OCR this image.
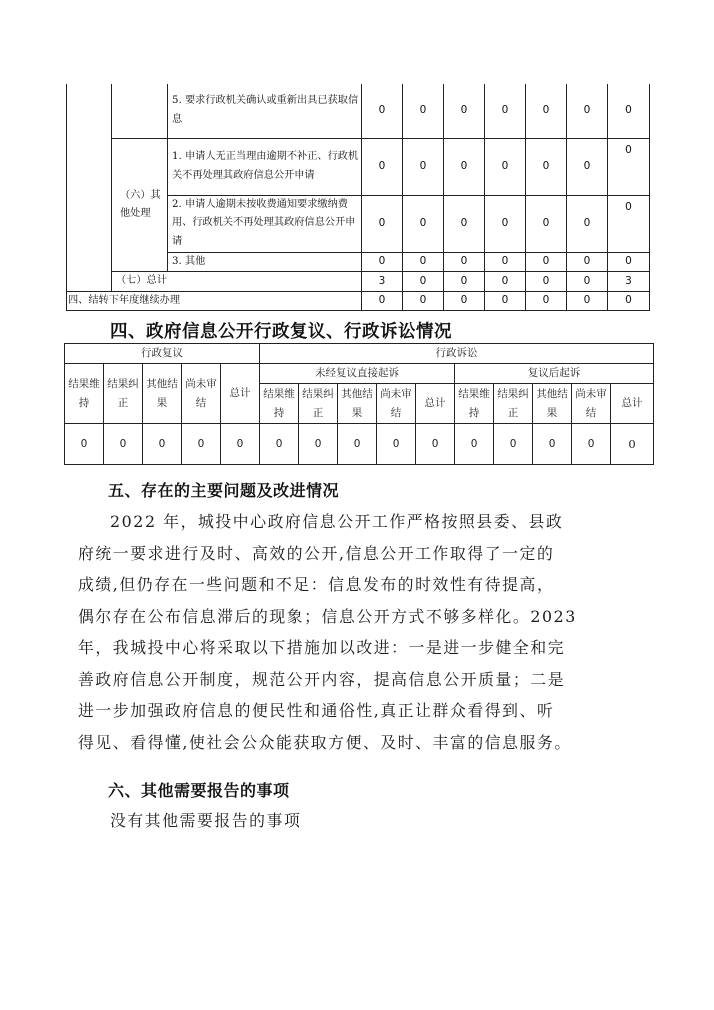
		5. 要求行政机关确认或重新出具已获取信息	0	0	0	0	0	0	0
	（六）其他处理	1. 申请人无正当理由逾期不补正、行政机关不再处理其政府信息公开申请	0	0	0	0	0	0	0
		2. 申请人逾期未按收费通知要求缴纳费用、行政机关不再处理其政府信息公开申请	0	0	0	0	0	0	0
		3. 其他	0	0	0	0	0	0	0
	（七）总计		3	0	0	0	0	0	3

四、结转下年度继续办理			0	0	0	0	0	0	0
四、政府信息公开行政复议、行政诉讼情况
行政复议					行政诉讼									
结果维持	结果纠正	其他结果	尚未审结	总计	未经复议直接起诉					复议后起诉				
					结果维持	结果纠正	其他结果	尚未审结	总计	结果维持	结果纠正	其他结果	尚未审结	总计
0	0	0	0	0	0	0	0	0	0	0	0	0	0	0
五、存在的主要问题及改进情况
2022 年，城投中心政府信息公开工作严格按照县委、县政
府统一要求进行及时、高效的公开,信息公开工作取得了一定的
成绩,但仍存在一些问题和不足：信息发布的时效性有待提高，
偶尔存在公布信息滞后的现象；信息公开方式不够多样化。2023
年，我城投中心将采取以下措施加以改进：一是进一步健全和完
善政府信息公开制度，规范公开内容，提高信息公开质量；二是
进一步加强政府信息的便民性和通俗性,真正让群众看得到、听
得见、看得懂,使社会公众能获取方便、及时、丰富的信息服务。
六、其他需要报告的事项
没有其他需要报告的事项
